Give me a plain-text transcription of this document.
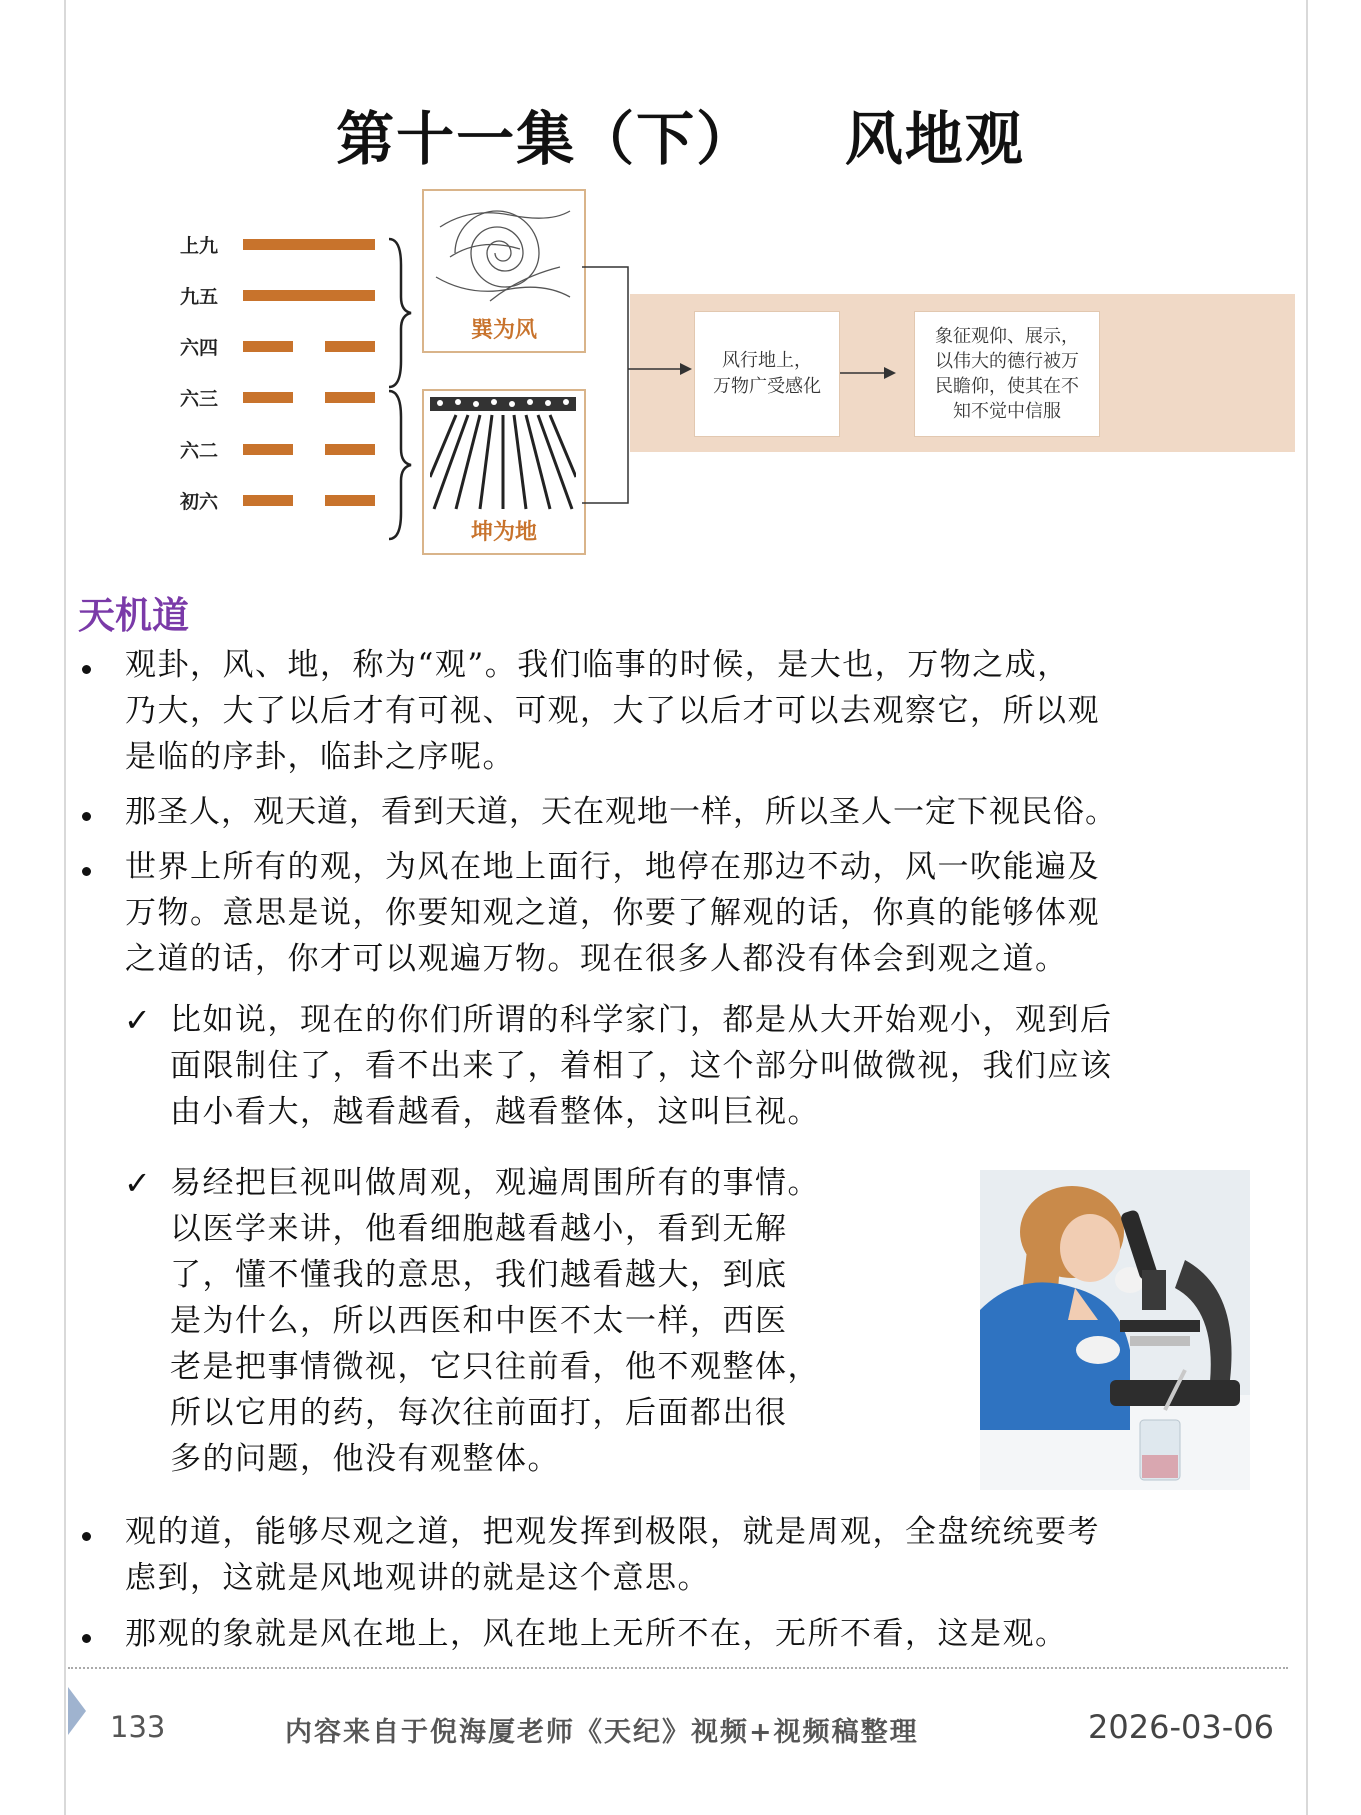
第十一集（下）    风地观
上九
九五
六四
六三
六二
初六
巽为风
坤为地
风行地上，
万物广受感化
象征观仰、展示，
以伟大的德行被万
民瞻仰，使其在不
知不觉中信服
天机道
观卦，风、地，称为“观”。我们临事的时候，是大也，万物之成，
乃大，大了以后才有可视、可观，大了以后才可以去观察它，所以观
是临的序卦，临卦之序呢。
那圣人，观天道，看到天道，天在观地一样，所以圣人一定下视民俗。
世界上所有的观，为风在地上面行，地停在那边不动，风一吹能遍及
万物。意思是说，你要知观之道，你要了解观的话，你真的能够体观
之道的话，你才可以观遍万物。现在很多人都没有体会到观之道。
✓ 比如说，现在的你们所谓的科学家门，都是从大开始观小，观到后
面限制住了，看不出来了，着相了，这个部分叫做微视，我们应该
由小看大，越看越看，越看整体，这叫巨视。
✓ 易经把巨视叫做周观，观遍周围所有的事情。
以医学来讲，他看细胞越看越小，看到无解
了，懂不懂我的意思，我们越看越大，到底
是为什么，所以西医和中医不太一样，西医
老是把事情微视，它只往前看，他不观整体，
所以它用的药，每次往前面打，后面都出很
多的问题，他没有观整体。
观的道，能够尽观之道，把观发挥到极限，就是周观，全盘统统要考
虑到，这就是风地观讲的就是这个意思。
那观的象就是风在地上，风在地上无所不在，无所不看，这是观。
133	内容来自于倪海厦老师《天纪》视频+视频稿整理	2026-03-06
